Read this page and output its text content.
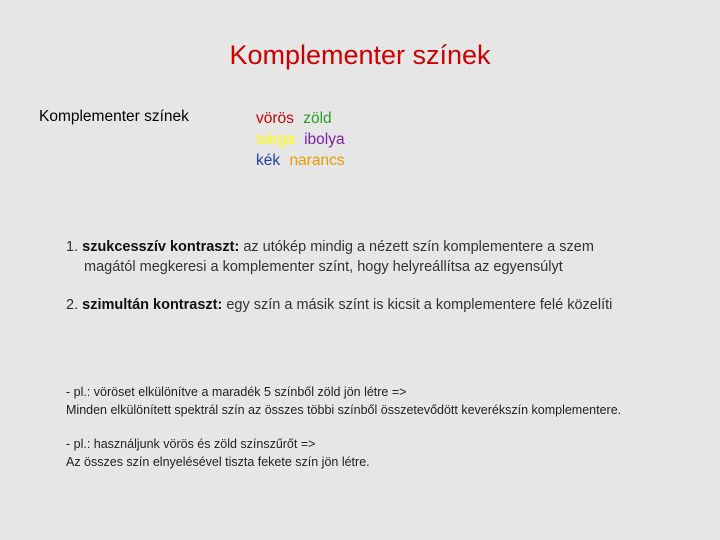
Komplementer színek
Komplementer színek	vörös zöld
sárga ibolya
kék narancs
1. szukcesszív kontraszt: az utókép mindig a nézett szín komplementere a szem
magától megkeresi a komplementer színt, hogy helyreállítsa az egyensúlyt
2. szimultán kontraszt: egy szín a másik színt is kicsit a komplementere felé közelíti
- pl.: vöröset elkülönítve a maradék 5 színből zöld jön létre =>
Minden elkülönített spektrál szín az összes többi színből összetevődött keverékszín komplementere.
- pl.: használjunk vörös és zöld színszűrőt =>
Az összes szín elnyelésével tiszta fekete szín jön létre.
